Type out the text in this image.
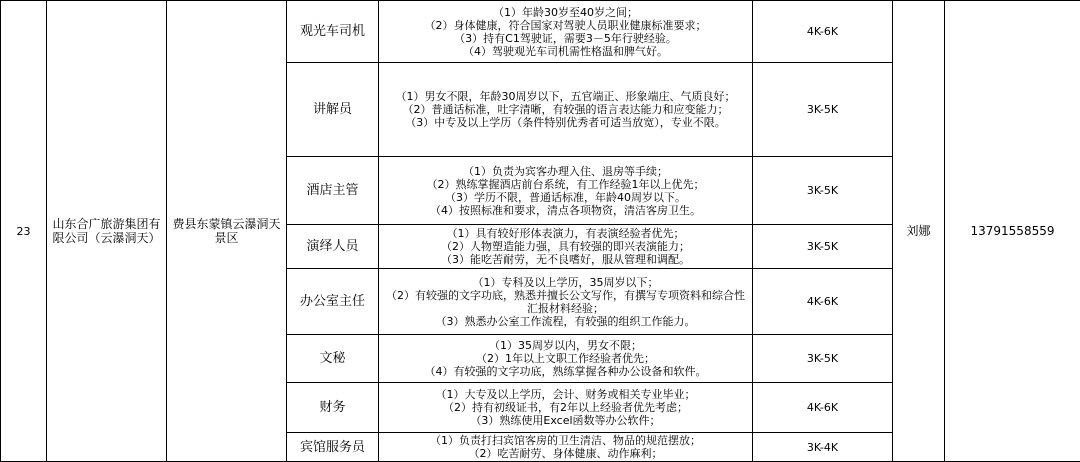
23	山东合广旅游集团有限公司（云瀑洞天）	费县东蒙镇云瀑洞天景区	观光车司机	（1）年龄30岁至40岁之间；
（2）身体健康，符合国家对驾驶人员职业健康标准要求；
（3）持有C1驾驶证，需要3－5年行驶经验。
（4）驾驶观光车司机需性格温和脾气好。	4K-6K	刘娜	13791558559
			讲解员	（1）男女不限，年龄30周岁以下，五官端正、形象端庄、气质良好；
（2）普通话标准，吐字清晰，有较强的语言表达能力和应变能力；
（3）中专及以上学历（条件特别优秀者可适当放宽），专业不限。	3K-5K		
			酒店主管	（1）负责为宾客办理入住、退房等手续；
（2）熟练掌握酒店前台系统，有工作经验1年以上优先；
（3）学历不限，普通话标准，年龄40周岁以下。
（4）按照标准和要求，清点各项物资，清洁客房卫生。	3K-5K		
			演绎人员	（1）具有较好形体表演力，有表演经验者优先；
（2）人物塑造能力强，具有较强的即兴表演能力；
（3）能吃苦耐劳，无不良嗜好，服从管理和调配。	3K-5K		
			办公室主任	（1）专科及以上学历，35周岁以下；
（2）有较强的文字功底，熟悉并擅长公文写作，有撰写专项资料和综合性汇报材料经验；
（3）熟悉办公室工作流程，有较强的组织工作能力。	4K-6K		
			文秘	（1）35周岁以内，男女不限；
（2）1年以上文职工作经验者优先；
（4）有较强的文字功底，熟练掌握各种办公设备和软件。	3K-5K		
			财务	（1）大专及以上学历，会计、财务或相关专业毕业；
（2）持有初级证书，有2年以上经验者优先考虑；
（3）熟练使用Excel函数等办公软件；	4K-6K		
			宾馆服务员	（1）负责打扫宾馆客房的卫生清洁、物品的规范摆放；
（2）吃苦耐劳、身体健康、动作麻利；	3K-4K		
